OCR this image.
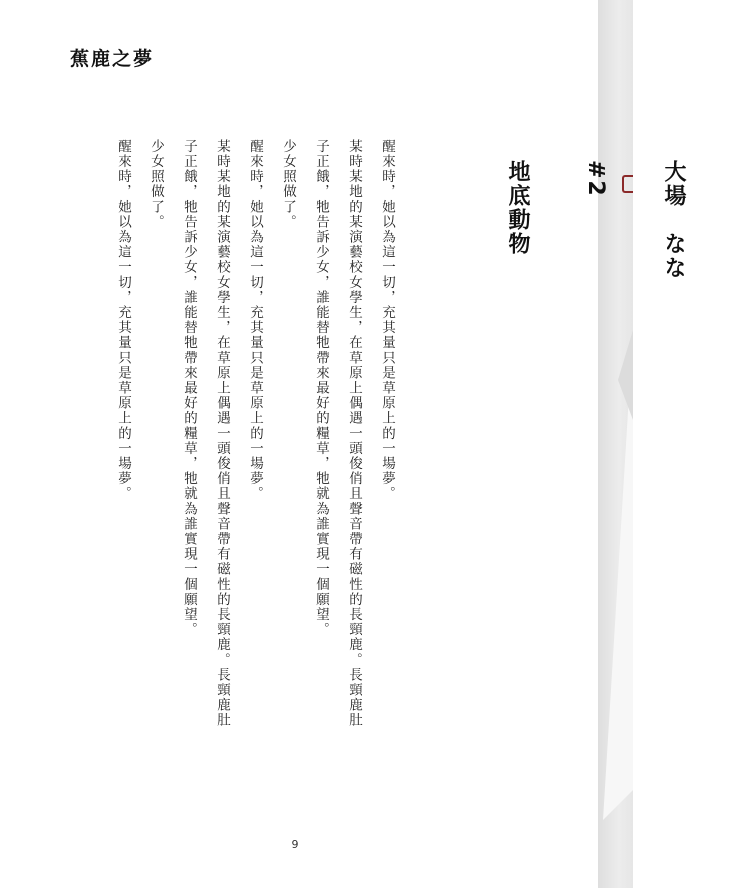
蕉鹿之夢

大場　なな

#2

地底動物

醒來時，她以為這一切，充其量只是草原上的一場夢。
某時某地的某演藝校女學生，在草原上偶遇一頭俊俏且聲音帶有磁性的長頸鹿。長頸鹿肚
子正餓，牠告訴少女，誰能替牠帶來最好的糧草，牠就為誰實現一個願望。
少女照做了。
醒來時，她以為這一切，充其量只是草原上的一場夢。
某時某地的某演藝校女學生，在草原上偶遇一頭俊俏且聲音帶有磁性的長頸鹿。長頸鹿肚
子正餓，牠告訴少女，誰能替牠帶來最好的糧草，牠就為誰實現一個願望。
少女照做了。
醒來時，她以為這一切，充其量只是草原上的一場夢。
9
